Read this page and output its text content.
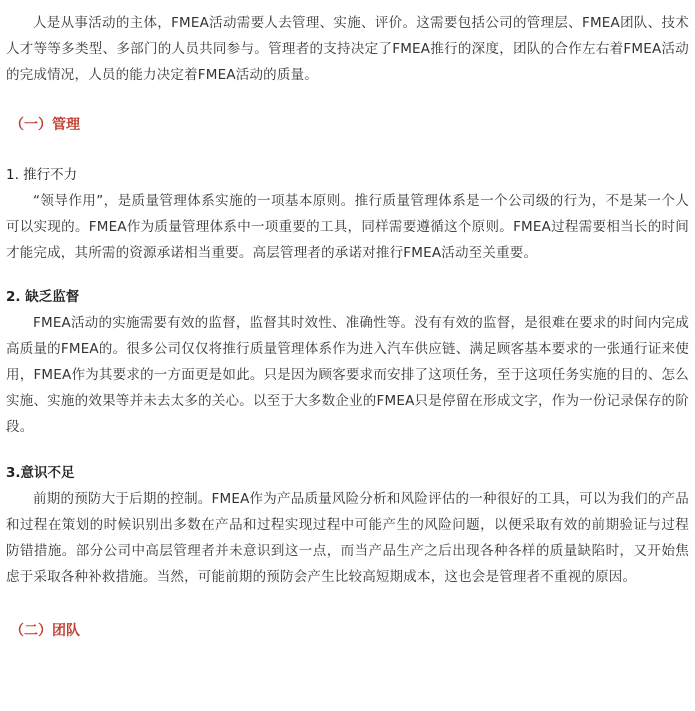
人是从事活动的主体，FMEA活动需要人去管理、实施、评价。这需要包括公司的管理层、FMEA团队、技术人才等等多类型、多部门的人员共同参与。管理者的支持决定了FMEA推行的深度，团队的合作左右着FMEA活动的完成情况，人员的能力决定着FMEA活动的质量。

（一）管理

1. 推行不力

“领导作用”，是质量管理体系实施的一项基本原则。推行质量管理体系是一个公司级的行为，不是某一个人可以实现的。FMEA作为质量管理体系中一项重要的工具，同样需要遵循这个原则。FMEA过程需要相当长的时间才能完成，其所需的资源承诺相当重要。高层管理者的承诺对推行FMEA活动至关重要。

2. 缺乏监督

FMEA活动的实施需要有效的监督，监督其时效性、准确性等。没有有效的监督，是很难在要求的时间内完成高质量的FMEA的。很多公司仅仅将推行质量管理体系作为进入汽车供应链、满足顾客基本要求的一张通行证来使用，FMEA作为其要求的一方面更是如此。只是因为顾客要求而安排了这项任务，至于这项任务实施的目的、怎么实施、实施的效果等并未去太多的关心。以至于大多数企业的FMEA只是停留在形成文字，作为一份记录保存的阶段。

3.意识不足

前期的预防大于后期的控制。FMEA作为产品质量风险分析和风险评估的一种很好的工具，可以为我们的产品和过程在策划的时候识别出多数在产品和过程实现过程中可能产生的风险问题，以便采取有效的前期验证与过程防错措施。部分公司中高层管理者并未意识到这一点，而当产品生产之后出现各种各样的质量缺陷时，又开始焦虑于采取各种补救措施。当然，可能前期的预防会产生比较高短期成本，这也会是管理者不重视的原因。

（二）团队
